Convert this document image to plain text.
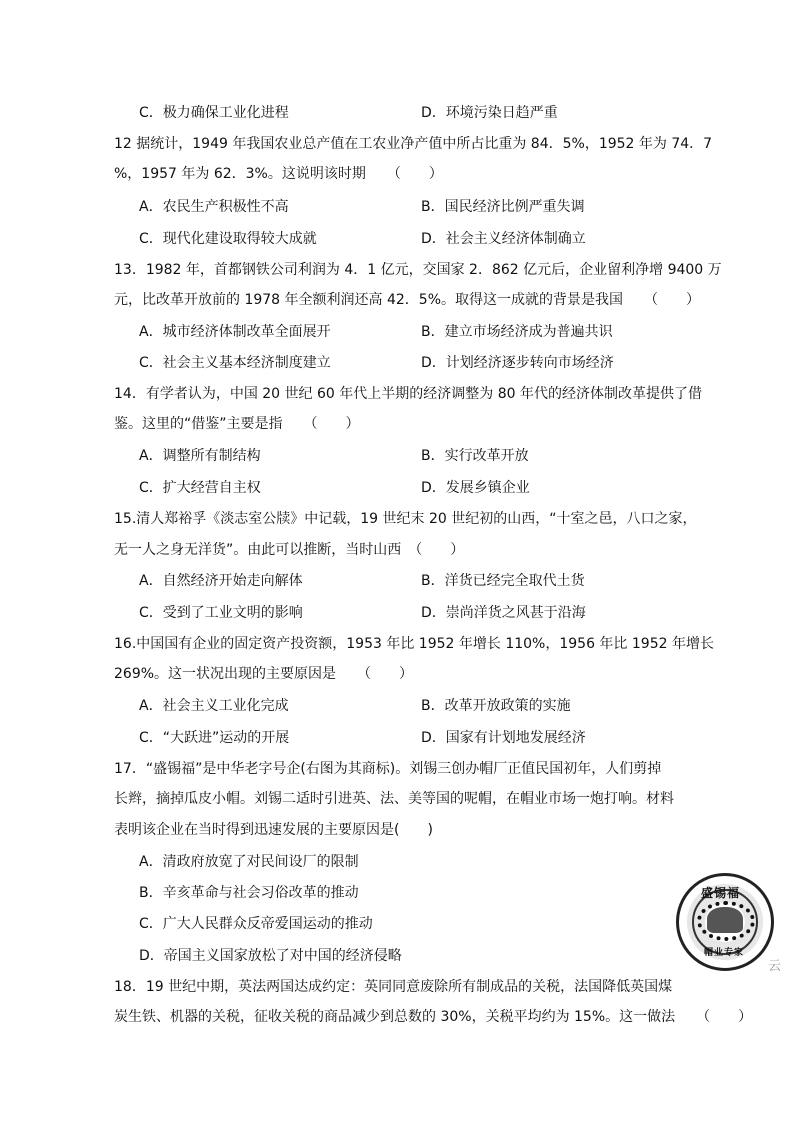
C．极力确保工业化进程	D．环境污染日趋严重
12 据统计，1949 年我国农业总产值在工农业净产值中所占比重为 84．5%，1952 年为 74．7
%，1957 年为 62．3%。这说明该时期　　（　　）
A．农民生产积极性不高	B．国民经济比例严重失调
C．现代化建设取得较大成就	D．社会主义经济体制确立
13．1982 年，首都钢铁公司利润为 4．1 亿元，交国家 2．862 亿元后，企业留利净增 9400 万
元，比改革开放前的 1978 年全额利润还高 42．5%。取得这一成就的背景是我国　　（　　）
A．城市经济体制改革全面展开	B．建立市场经济成为普遍共识
C．社会主义基本经济制度建立	D．计划经济逐步转向市场经济
14．有学者认为，中国 20 世纪 60 年代上半期的经济调整为 80 年代的经济体制改革提供了借
鉴。这里的“借鉴”主要是指　　（　　）
A．调整所有制结构	B．实行改革开放
C．扩大经营自主权	D．发展乡镇企业
15.清人郑裕孚《淡志室公牍》中记载，19 世纪末 20 世纪初的山西，“十室之邑，八口之家，
无一人之身无洋货”。由此可以推断，当时山西　（　　）
A．自然经济开始走向解体	B．洋货已经完全取代土货
C．受到了工业文明的影响	D．崇尚洋货之风甚于沿海
16.中国国有企业的固定资产投资额，1953 年比 1952 年增长 110%，1956 年比 1952 年增长
269%。这一状况出现的主要原因是　　（　　）
A．社会主义工业化完成	B．改革开放政策的实施
C．“大跃进”运动的开展	D．国家有计划地发展经济
17．“盛锡福”是中华老字号企(右图为其商标)。刘锡三创办帽厂正值民国初年，人们剪掉
长辫，摘掉瓜皮小帽。刘锡二适时引进英、法、美等国的呢帽，在帽业市场一炮打响。材料
表明该企业在当时得到迅速发展的主要原因是(　　)
A．清政府放宽了对民间设厂的限制
B．辛亥革命与社会习俗改革的推动
C．广大人民群众反帝爱国运动的推动
D．帝国主义国家放松了对中国的经济侵略
盛锡福
帽业专家
云
18．19 世纪中期，英法两国达成约定：英同同意废除所有制成品的关税，法国降低英国煤
炭生铁、机器的关税，征收关税的商品减少到总数的 30%，关税平均约为 15%。这一做法　　（　　）
